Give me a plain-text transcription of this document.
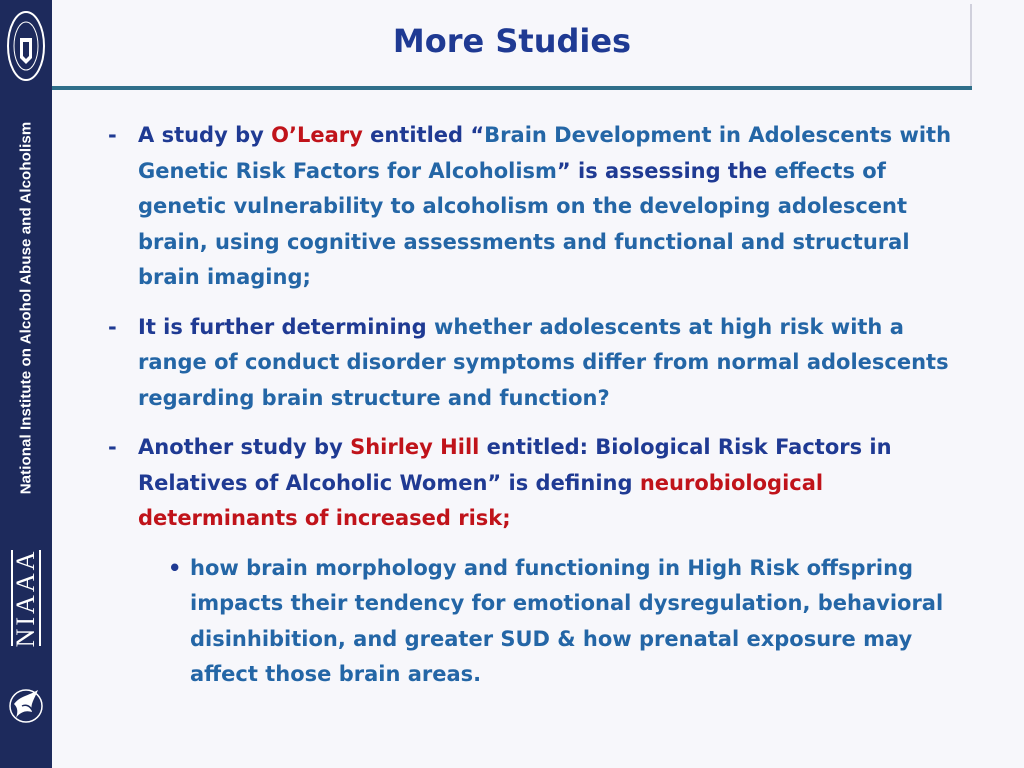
National Institute on Alcohol Abuse and Alcoholism
NIAAA
More Studies
- A study by O’Leary entitled “Brain Development in Adolescents with Genetic Risk Factors for Alcoholism” is assessing the effects of genetic vulnerability to alcoholism on the developing adolescent brain, using cognitive assessments and functional and structural brain imaging;
- It is further determining whether adolescents at high risk with a range of conduct disorder symptoms differ from normal adolescents regarding brain structure and function?
- Another study by Shirley Hill entitled: Biological Risk Factors in Relatives of Alcoholic Women” is defining neurobiological determinants of increased risk;
• how brain morphology and functioning in High Risk offspring impacts their tendency for emotional dysregulation, behavioral disinhibition, and greater SUD & how prenatal exposure may affect those brain areas.
